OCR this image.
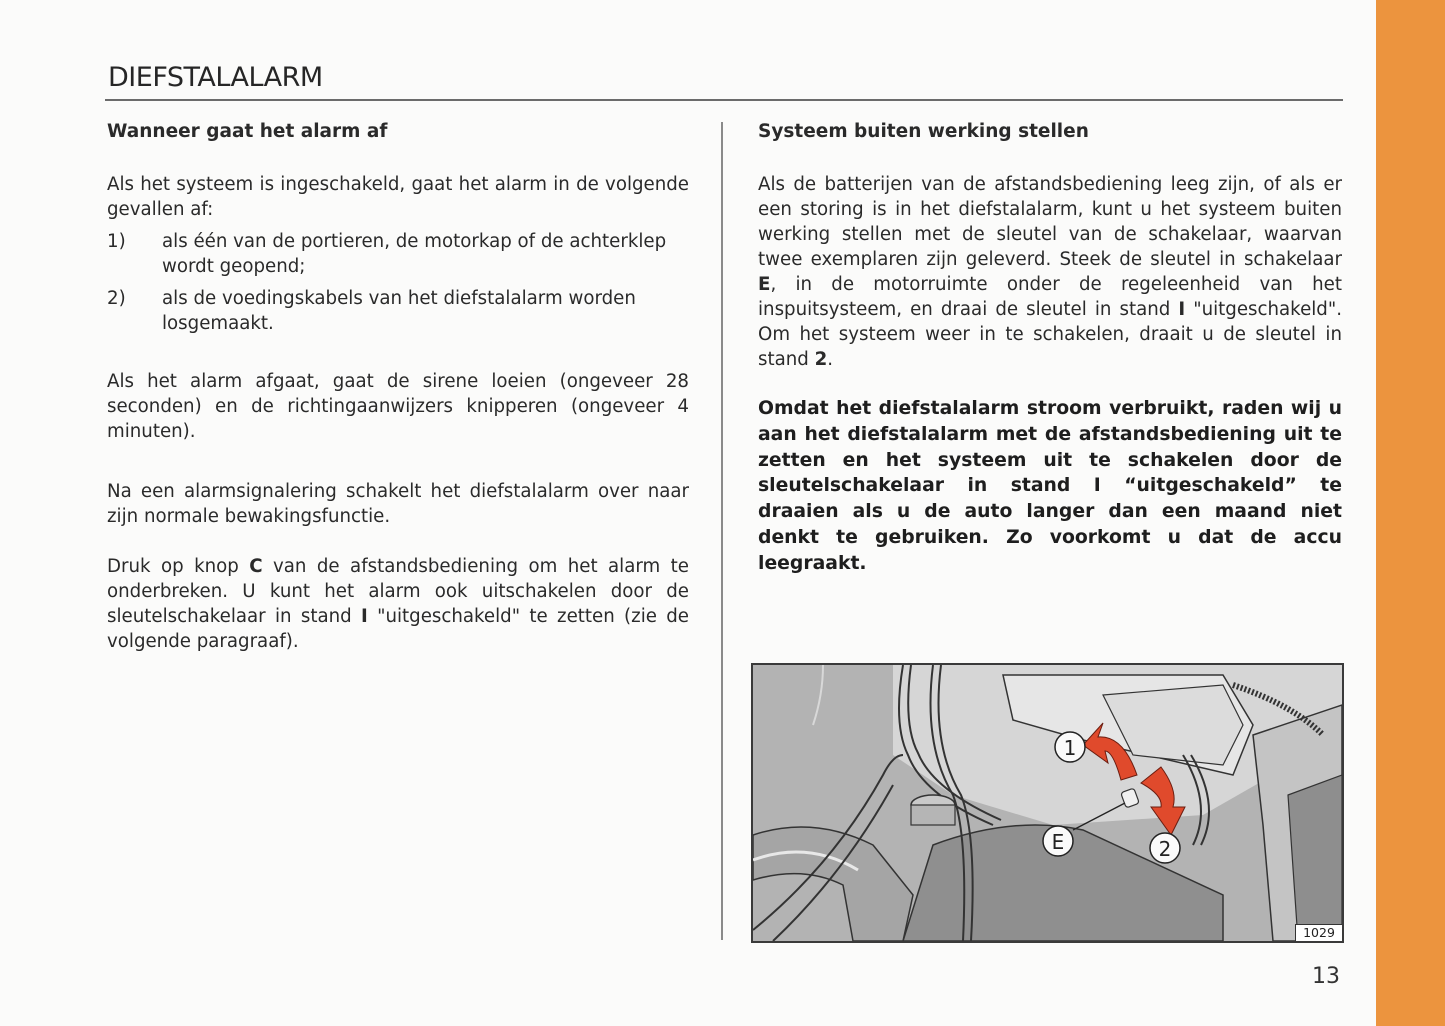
DIEFSTALALARM
Wanneer gaat het alarm af

Als het systeem is ingeschakeld, gaat het alarm in de volgende gevallen af:

1)	als één van de portieren, de motorkap of de achterklep wordt geopend;
2)	als de voedingskabels van het diefstalalarm worden losgemaakt.

Als het alarm afgaat, gaat de sirene loeien (ongeveer 28 seconden) en de richtingaanwijzers knipperen (ongeveer 4 minuten).

Na een alarmsignalering schakelt het diefstalalarm over naar zijn normale bewakingsfunctie.

Druk op knop C van de afstandsbediening om het alarm te onderbreken. U kunt het alarm ook uitschakelen door de sleutelschakelaar in stand I "uitgeschakeld" te zetten (zie de volgende paragraaf).

Systeem buiten werking stellen

Als de batterijen van de afstandsbediening leeg zijn, of als er een storing is in het diefstalalarm, kunt u het systeem buiten werking stellen met de sleutel van de schakelaar, waarvan twee exemplaren zijn geleverd. Steek de sleutel in schakelaar E, in de motorruimte onder de regeleenheid van het inspuitsysteem, en draai de sleutel in stand I "uitgeschakeld". Om het systeem weer in te schakelen, draait u de sleutel in stand 2.

Omdat het diefstalalarm stroom verbruikt, raden wij u aan het diefstalalarm met de afstandsbediening uit te zetten en het systeem uit te schakelen door de sleutelschakelaar in stand I “uitgeschakeld” te draaien als u de auto langer dan een maand niet denkt te gebruiken. Zo voorkomt u dat de accu leegraakt.

1
E	2
1029
13
